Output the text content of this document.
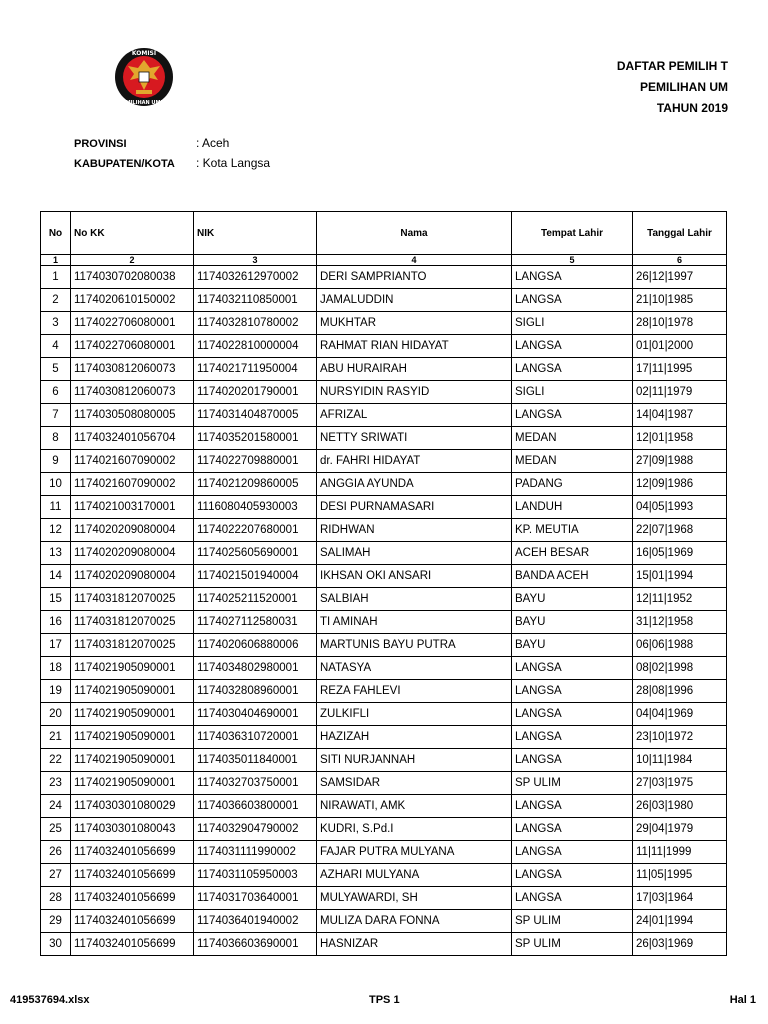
KOMISI
PEMILIHAN UMUM
DAFTAR PEMILIH T
PEMILIHAN UM
TAHUN 2019
PROVINSI	: Aceh
KABUPATEN/KOTA : Kota Langsa
No	No KK	NIK	Nama	Tempat Lahir	Tanggal Lahir
1	2	3	4	5	6
1	1174030702080038	1174032612970002	DERI SAMPRIANTO	LANGSA	26|12|1997
2	1174020610150002	1174032110850001	JAMALUDDIN	LANGSA	21|10|1985
3	1174022706080001	1174032810780002	MUKHTAR	SIGLI	28|10|1978
4	1174022706080001	1174022810000004	RAHMAT RIAN HIDAYAT	LANGSA	01|01|2000
5	1174030812060073	1174021711950004	ABU HURAIRAH	LANGSA	17|11|1995
6	1174030812060073	1174020201790001	NURSYIDIN RASYID	SIGLI	02|11|1979
7	1174030508080005	1174031404870005	AFRIZAL	LANGSA	14|04|1987
8	1174032401056704	1174035201580001	NETTY SRIWATI	MEDAN	12|01|1958
9	1174021607090002	1174022709880001	dr. FAHRI HIDAYAT	MEDAN	27|09|1988
10	1174021607090002	1174021209860005	ANGGIA AYUNDA	PADANG	12|09|1986
11	1174021003170001	1116080405930003	DESI PURNAMASARI	LANDUH	04|05|1993
12	1174020209080004	1174022207680001	RIDHWAN	KP. MEUTIA	22|07|1968
13	1174020209080004	1174025605690001	SALIMAH	ACEH BESAR	16|05|1969
14	1174020209080004	1174021501940004	IKHSAN OKI ANSARI	BANDA ACEH	15|01|1994
15	1174031812070025	1174025211520001	SALBIAH	BAYU	12|11|1952
16	1174031812070025	1174027112580031	TI AMINAH	BAYU	31|12|1958
17	1174031812070025	1174020606880006	MARTUNIS BAYU PUTRA	BAYU	06|06|1988
18	1174021905090001	1174034802980001	NATASYA	LANGSA	08|02|1998
19	1174021905090001	1174032808960001	REZA FAHLEVI	LANGSA	28|08|1996
20	1174021905090001	1174030404690001	ZULKIFLI	LANGSA	04|04|1969
21	1174021905090001	1174036310720001	HAZIZAH	LANGSA	23|10|1972
22	1174021905090001	1174035011840001	SITI NURJANNAH	LANGSA	10|11|1984
23	1174021905090001	1174032703750001	SAMSIDAR	SP ULIM	27|03|1975
24	1174030301080029	1174036603800001	NIRAWATI, AMK	LANGSA	26|03|1980
25	1174030301080043	1174032904790002	KUDRI, S.Pd.I	LANGSA	29|04|1979
26	1174032401056699	1174031111990002	FAJAR PUTRA MULYANA	LANGSA	11|11|1999
27	1174032401056699	1174031105950003	AZHARI MULYANA	LANGSA	11|05|1995
28	1174032401056699	1174031703640001	MULYAWARDI, SH	LANGSA	17|03|1964
29	1174032401056699	1174036401940002	MULIZA DARA FONNA	SP ULIM	24|01|1994
30	1174032401056699	1174036603690001	HASNIZAR	SP ULIM	26|03|1969
419537694.xlsx	TPS 1	Hal 1
